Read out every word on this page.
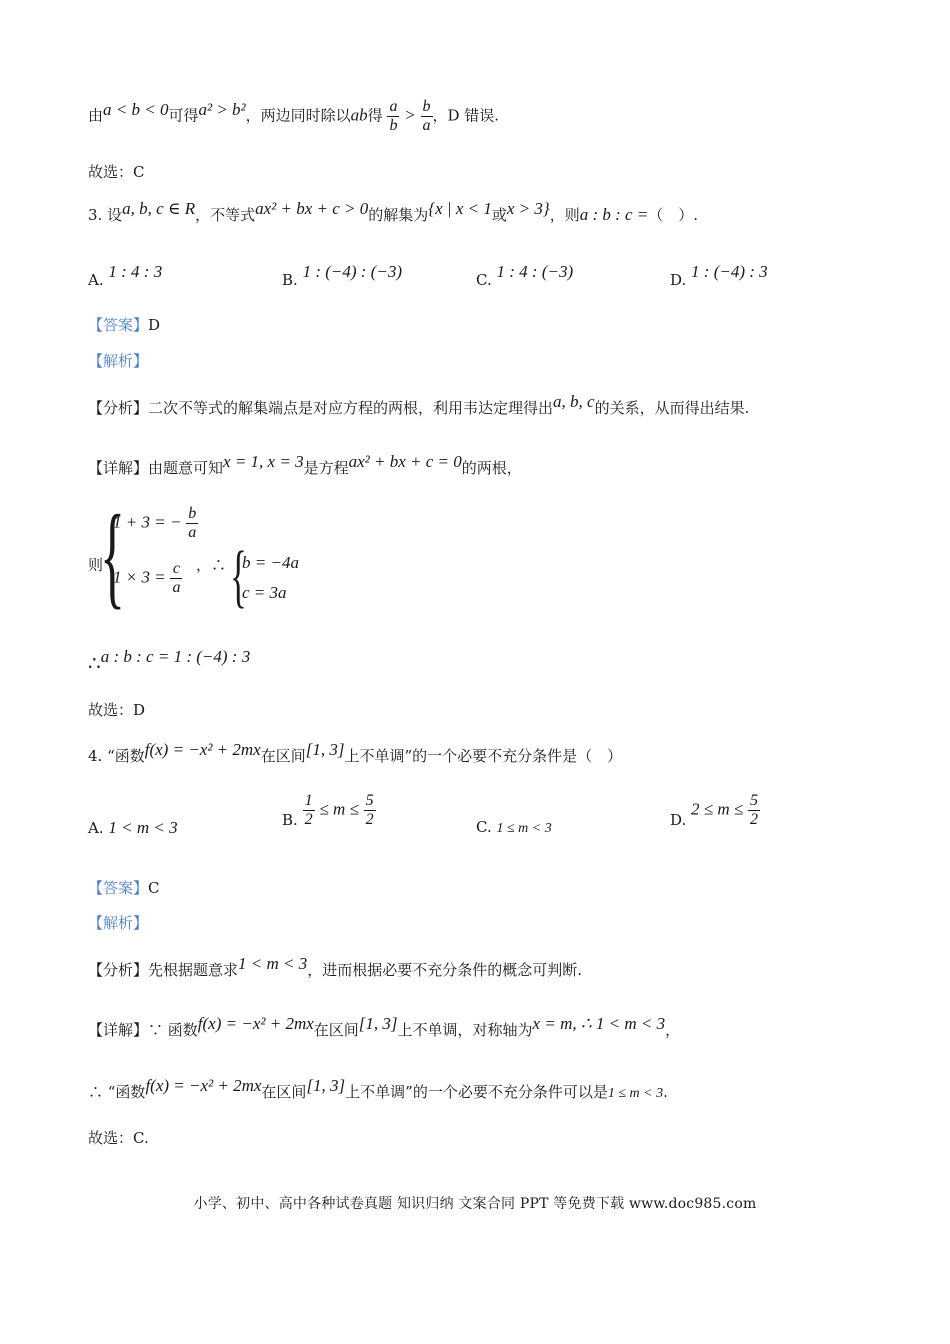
由a < b < 0可得a² > b²，两边同时除以ab得 $\frac{a}{b} > \frac{b}{a}$ ，D 错误.
故选：C
3. 设a, b, c ∈ R，不等式ax² + bx + c > 0的解集为{x | x < 1或x > 3}，则a : b : c =（　）.
A. 1 : 4 : 3	B. 1 : (−4) : (−3)	C. 1 : 4 : (−3)	D. 1 : (−4) : 3
【答案】D
【解析】
【分析】二次不等式的解集端点是对应方程的两根，利用韦达定理得出a, b, c的关系，从而得出结果.
【详解】由题意可知x = 1, x = 3是方程ax² + bx + c = 0的两根，
则
{
1 + 3 = − $\frac{b}{a}$
$1 \times 3 = \frac{c}{a}$ ，∴ {
b = −4a
c = 3a
∴a : b : c = 1 : (−4) : 3
故选：D
4. “函数f(x) = −x² + 2mx在区间[1, 3]上不单调”的一个必要不充分条件是（　）
A. 1 < m < 3	B. $\frac{1}{2} \le m \le \frac{5}{2}$	C. 1 ≤ m < 3	D. $2 \le m \le \frac{5}{2}$
【答案】C
【解析】
【分析】先根据题意求1 < m < 3，进而根据必要不充分条件的概念可判断.
【详解】∵ 函数f(x) = −x² + 2mx在区间[1, 3]上不单调，对称轴为x = m, ∴ 1 < m < 3，
∴ “函数f(x) = −x² + 2mx在区间[1, 3]上不单调”的一个必要不充分条件可以是1 ≤ m < 3.
故选：C.
小学、初中、高中各种试卷真题 知识归纳 文案合同 PPT 等免费下载 www.doc985.com
